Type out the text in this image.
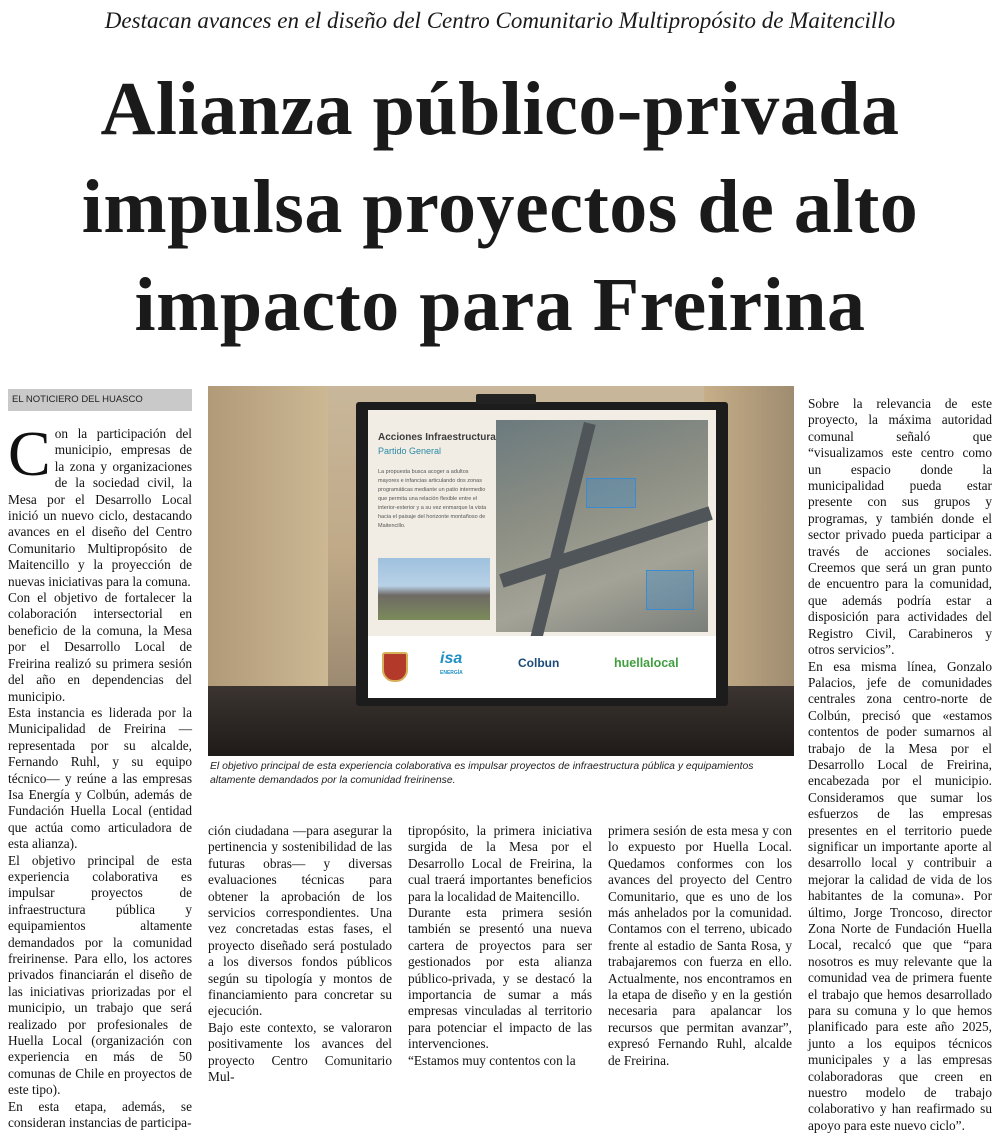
Destacan avances en el diseño del Centro Comunitario Multipropósito de Maitencillo
Alianza público-privada
impulsa proyectos de alto
impacto para Freirina
EL NOTICIERO DEL HUASCO

Con la participación del municipio, empresas de la zona y organizaciones de la sociedad civil, la Mesa por el Desarrollo Local inició un nuevo ciclo, destacando avances en el diseño del Centro Comunitario Multipropósito de Maitencillo y la proyección de nuevas iniciativas para la comuna.

Con el objetivo de fortalecer la colaboración intersectorial en beneficio de la comuna, la Mesa por el Desarrollo Local de Freirina realizó su primera sesión del año en dependencias del municipio.

Esta instancia es liderada por la Municipalidad de Freirina —representada por su alcalde, Fernando Ruhl, y su equipo técnico— y reúne a las empresas Isa Energía y Colbún, además de Fundación Huella Local (entidad que actúa como articuladora de esta alianza).

El objetivo principal de esta experiencia colaborativa es impulsar proyectos de infraestructura pública y equipamientos altamente demandados por la comunidad freirinense. Para ello, los actores privados financiarán el diseño de las iniciativas priorizadas por el municipio, un trabajo que será realizado por profesionales de Huella Local (organización con experiencia en más de 50 comunas de Chile en proyectos de este tipo).

En esta etapa, además, se consideran instancias de participa-

Acciones Infraestructura
Partido General
La propuesta busca acoger a adultos mayores e infancias articulando dos zonas programáticas mediante un patio intermedio que permita una relación flexible entre el interior-exterior y a su vez enmarque la vista hacia el paisaje del horizonte montañoso de Maitencillo.
isa
ENERGÍA
Colbun	huellalocal
El objetivo principal de esta experiencia colaborativa es impulsar proyectos de infraestructura pública y equipamientos altamente demandados por la comunidad freirinense.

ción ciudadana —para asegurar la pertinencia y sostenibilidad de las futuras obras— y diversas evaluaciones técnicas para obtener la aprobación de los servicios correspondientes. Una vez concretadas estas fases, el proyecto diseñado será postulado a los diversos fondos públicos según su tipología y montos de financiamiento para concretar su ejecución.

Bajo este contexto, se valoraron positivamente los avances del proyecto Centro Comunitario Mul-

tipropósito, la primera iniciativa surgida de la Mesa por el Desarrollo Local de Freirina, la cual traerá importantes beneficios para la localidad de Maitencillo.

Durante esta primera sesión también se presentó una nueva cartera de proyectos para ser gestionados por esta alianza público-privada, y se destacó la importancia de sumar a más empresas vinculadas al territorio para potenciar el impacto de las intervenciones.

“Estamos muy contentos con la

primera sesión de esta mesa y con lo expuesto por Huella Local. Quedamos conformes con los avances del proyecto del Centro Comunitario, que es uno de los más anhelados por la comunidad. Contamos con el terreno, ubicado frente al estadio de Santa Rosa, y trabajaremos con fuerza en ello. Actualmente, nos encontramos en la etapa de diseño y en la gestión necesaria para apalancar los recursos que permitan avanzar”, expresó Fernando Ruhl, alcalde de Freirina.

Sobre la relevancia de este proyecto, la máxima autoridad comunal señaló que “visualizamos este centro como un espacio donde la municipalidad pueda estar presente con sus grupos y programas, y también donde el sector privado pueda participar a través de acciones sociales. Creemos que será un gran punto de encuentro para la comunidad, que además podría estar a disposición para actividades del Registro Civil, Carabineros y otros servicios”.

En esa misma línea, Gonzalo Palacios, jefe de comunidades centrales zona centro-norte de Colbún, precisó que «estamos contentos de poder sumarnos al trabajo de la Mesa por el Desarrollo Local de Freirina, encabezada por el municipio. Consideramos que sumar los esfuerzos de las empresas presentes en el territorio puede significar un importante aporte al desarrollo local y contribuir a mejorar la calidad de vida de los habitantes de la comuna». Por último, Jorge Troncoso, director Zona Norte de Fundación Huella Local, recalcó que que “para nosotros es muy relevante que la comunidad vea de primera fuente el trabajo que hemos desarrollado para su comuna y lo que hemos planificado para este año 2025, junto a los equipos técnicos municipales y a las empresas colaboradoras que creen en nuestro modelo de trabajo colaborativo y han reafirmado su apoyo para este nuevo ciclo”.
